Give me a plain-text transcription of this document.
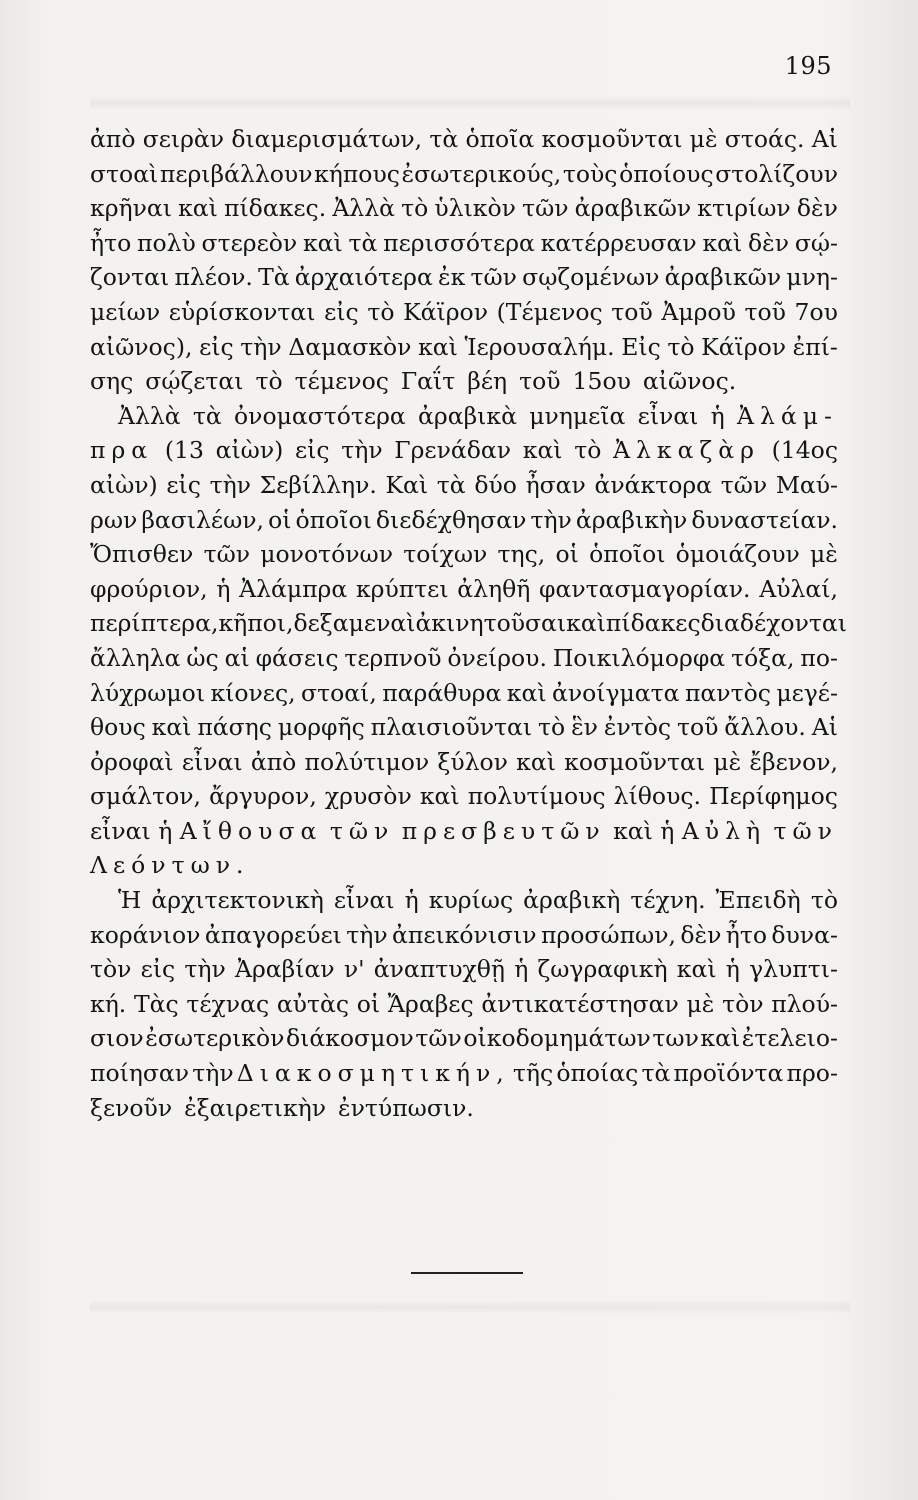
195
ἀπὸ σειρὰν διαμερισμάτων, τὰ ὁποῖα κοσμοῦνται μὲ στοάς. Αἱ
στοαὶ περιβάλλουν κήπους ἐσωτερικούς, τοὺς ὁποίους στολίζουν
κρῆναι καὶ πίδακες. Ἀλλὰ τὸ ὑλικὸν τῶν ἀραβικῶν κτιρίων δὲν
ἦτο πολὺ στερεὸν καὶ τὰ περισσότερα κατέρρευσαν καὶ δὲν σῴ-
ζονται πλέον. Τὰ ἀρχαιότερα ἐκ τῶν σῳζομένων ἀραβικῶν μνη-
μείων εὑρίσκονται εἰς τὸ Κάϊρον (Τέμενος τοῦ Ἀμροῦ τοῦ 7ου
αἰῶνος), εἰς τὴν Δαμασκὸν καὶ Ἱερουσαλήμ. Εἰς τὸ Κάϊρον ἐπί-
σης σῴζεται τὸ τέμενος Γαΐτ βέη τοῦ 15ου αἰῶνος.
Ἀλλὰ τὰ ὀνομαστότερα ἀραβικὰ μνημεῖα εἶναι ἡ Ἀλάμ-
πρα (13 αἰὼν) εἰς τὴν Γρενάδαν καὶ τὸ Ἀλκαζὰρ (14ος
αἰὼν) εἰς τὴν Σεβίλλην. Καὶ τὰ δύο ἦσαν ἀνάκτορα τῶν Μαύ-
ρων βασιλέων, οἱ ὁποῖοι διεδέχθησαν τὴν ἀραβικὴν δυναστείαν.
Ὄπισθεν τῶν μονοτόνων τοίχων της, οἱ ὁποῖοι ὁμοιάζουν μὲ
φρούριον, ἡ Ἀλάμπρα κρύπτει ἀληθῆ φαντασμαγορίαν. Αὐλαί,
περίπτερα, κῆποι, δεξαμεναὶ ἀκινητοῦσαι καὶ πίδακες διαδέχονται
ἄλληλα ὡς αἱ φάσεις τερπνοῦ ὀνείρου. Ποικιλόμορφα τόξα, πο-
λύχρωμοι κίονες, στοαί, παράθυρα καὶ ἀνοίγματα παντὸς μεγέ-
θους καὶ πάσης μορφῆς πλαισιοῦνται τὸ ἓν ἐντὸς τοῦ ἄλλου. Αἱ
ὀροφαὶ εἶναι ἀπὸ πολύτιμον ξύλον καὶ κοσμοῦνται μὲ ἔβενον,
σμάλτον, ἄργυρον, χρυσὸν καὶ πολυτίμους λίθους. Περίφημος
εἶναι ἡ Αἴθουσα τῶν πρεσβευτῶν καὶ ἡ Αὐλὴ τῶν
Λεόντων.
Ἡ ἀρχιτεκτονικὴ εἶναι ἡ κυρίως ἀραβικὴ τέχνη. Ἐπειδὴ τὸ
κοράνιον ἀπαγορεύει τὴν ἀπεικόνισιν προσώπων, δὲν ἦτο δυνα-
τὸν εἰς τὴν Ἀραβίαν ν' ἀναπτυχθῇ ἡ ζωγραφικὴ καὶ ἡ γλυπτι-
κή. Τὰς τέχνας αὐτὰς οἱ Ἄραβες ἀντικατέστησαν μὲ τὸν πλού-
σιον ἐσωτερικὸν διάκοσμον τῶν οἰκοδομημάτων των καὶ ἐτελειο-
ποίησαν τὴν Διακοσμητικήν, τῆς ὁποίας τὰ προϊόντα προ-
ξενοῦν ἐξαιρετικὴν ἐντύπωσιν.
